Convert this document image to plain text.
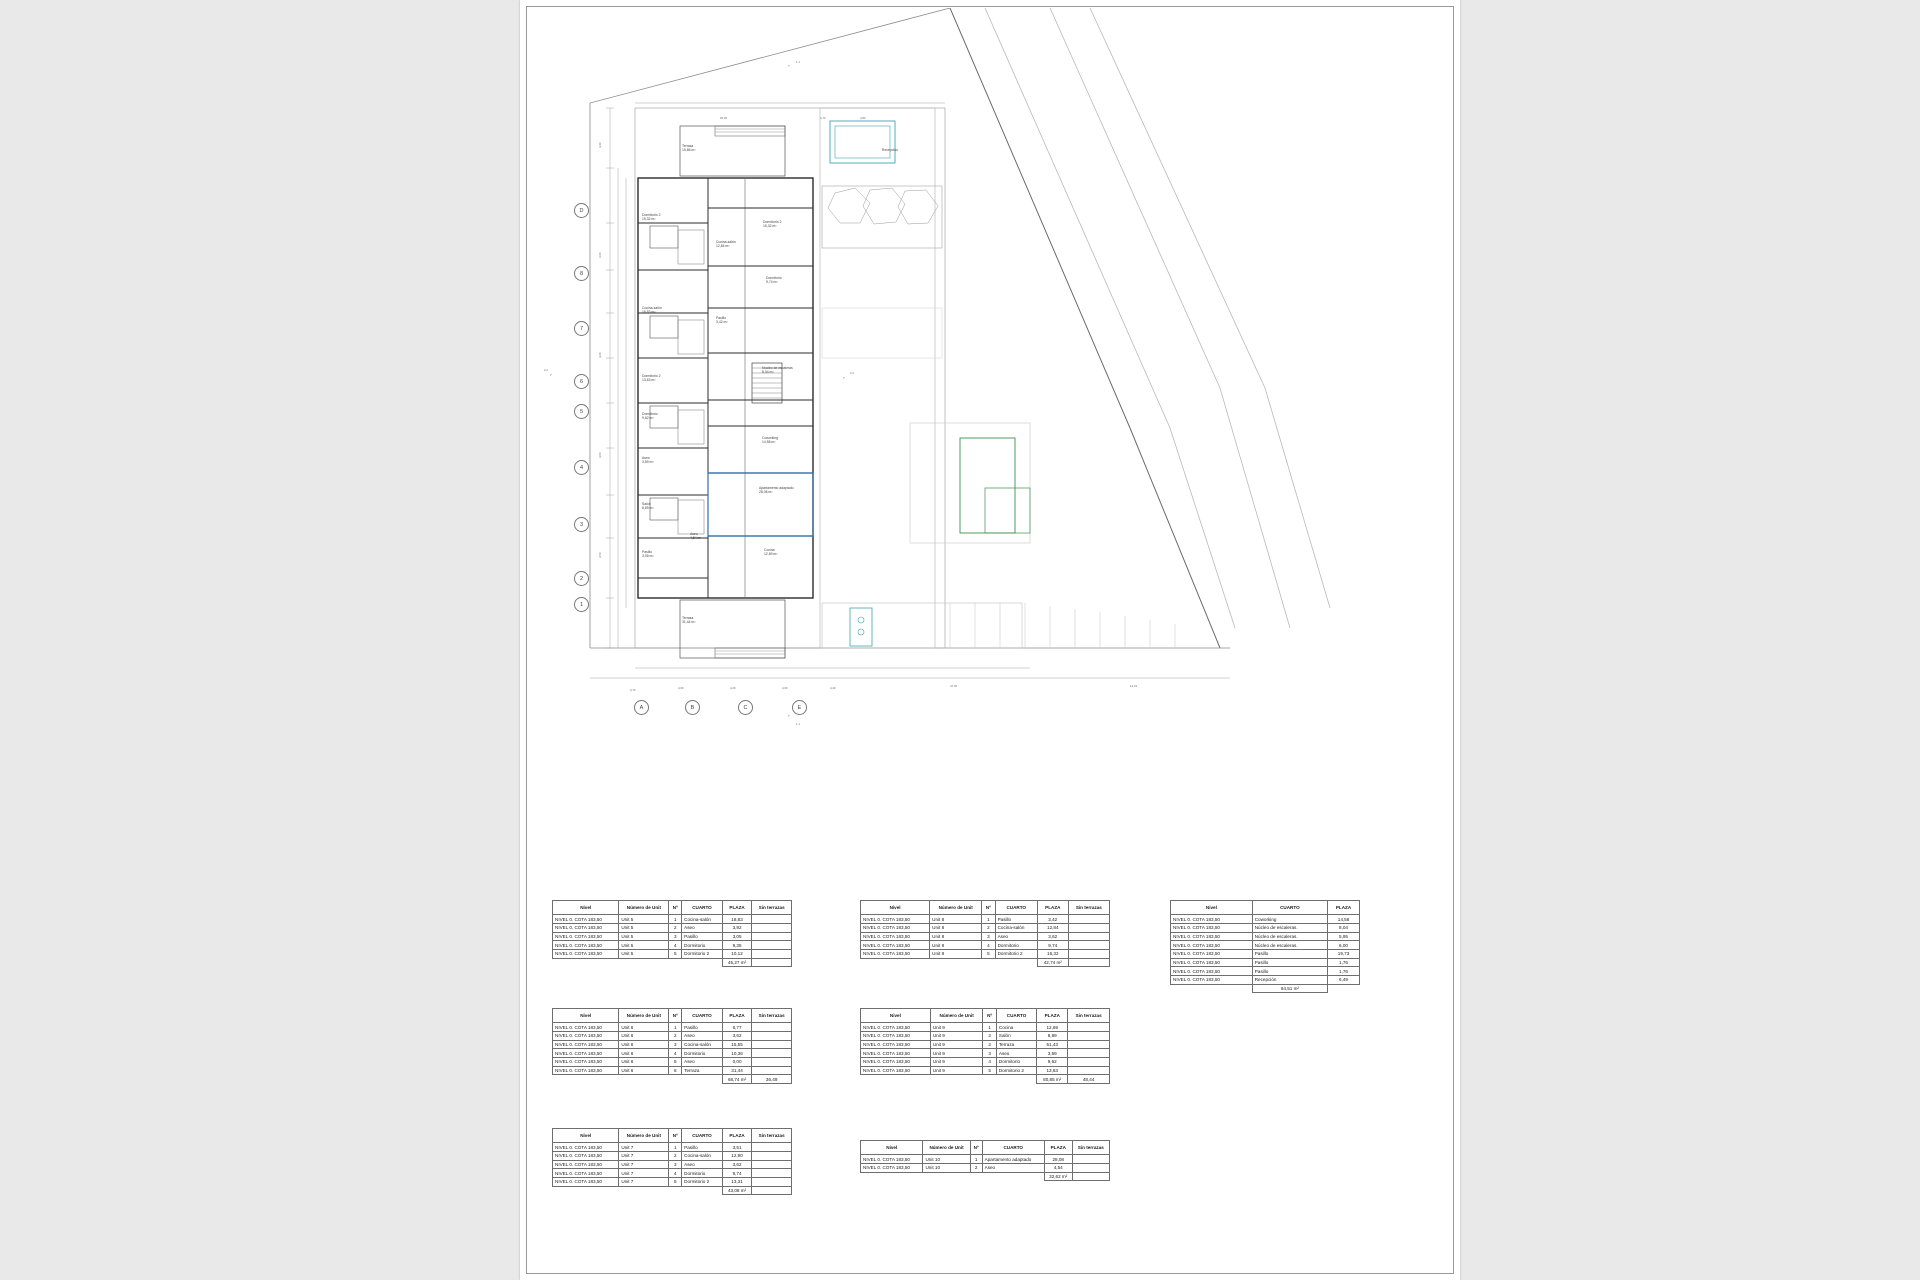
D
8
7
6
5
4
3
2
1
A	B	C	E
⌐
1.1
⌐
2.2
⌐
2.2
⌐
1.1
Terraza
15,86 m²
Dormitorio 2
15,32 m²
Dormitorio 2
15,32 m²
Cocina-salón
12,84 m²
Dormitorio
9,74 m²
Cocina-salón
18,83 m²
Pasillo
3,42 m²
Núcleo de escaleras
8,04 m²
Dormitorio 2
13,63 m²
Dormitorio
9,62 m²
Coworking
14,58 m²
Aseo
3,59 m²
Apartamento adaptado
28,08 m²
Salón
8,89 m²
Aseo
4,54 m²
Cocina
12,69 m²
Pasillo
3,05 m²
Terraza
31,44 m²
Recepción
29,00	4,70	4,80
3,70	4,00	4,20	4,00	4,40	47,00	14,43
4,40
3,60
4,20
4,00
3,50
Nivel	Número de Unit	Nº	CUARTO	PLAZA	Sin terrazas
NIVEL 0. COTA 183,50	Unit 5	1	Cocina-salón	18,83	
NIVEL 0. COTA 183,50	Unit 5	2	Aseo	3,92	
NIVEL 0. COTA 183,50	Unit 5	3	Pasillo	3,05	
NIVEL 0. COTA 183,50	Unit 5	4	Dormitorio	9,35	
NIVEL 0. COTA 183,50	Unit 5	5	Dormitorio 2	10,12	
				45,27 m²	
Nivel	Número de Unit	Nº	CUARTO	PLAZA	Sin terrazas
NIVEL 0. COTA 183,50	Unit 6	1	Pasillo	6,77	
NIVEL 0. COTA 183,50	Unit 6	2	Aseo	3,62	
NIVEL 0. COTA 183,50	Unit 6	3	Cocina-salón	15,55	
NIVEL 0. COTA 183,50	Unit 6	4	Dormitorio	10,36	
NIVEL 0. COTA 183,50	Unit 6	5	Aseo	0,00	
NIVEL 0. COTA 183,50	Unit 6	6	Terraza	31,44	
				68,74 m²	36,49
Nivel	Número de Unit	Nº	CUARTO	PLAZA	Sin terrazas
NIVEL 0. COTA 183,50	Unit 7	1	Pasillo	3,51	
NIVEL 0. COTA 183,50	Unit 7	2	Cocina-salón	12,90	
NIVEL 0. COTA 183,50	Unit 7	3	Aseo	3,62	
NIVEL 0. COTA 183,50	Unit 7	4	Dormitorio	9,74	
NIVEL 0. COTA 183,50	Unit 7	5	Dormitorio 2	13,31	
				43,08 m²	
Nivel	Número de Unit	Nº	CUARTO	PLAZA	Sin terrazas
NIVEL 0. COTA 183,50	Unit 8	1	Pasillo	3,42	
NIVEL 0. COTA 183,50	Unit 8	2	Cocina-salón	12,84	
NIVEL 0. COTA 183,50	Unit 8	3	Aseo	3,62	
NIVEL 0. COTA 183,50	Unit 8	4	Dormitorio	9,74	
NIVEL 0. COTA 183,50	Unit 8	5	Dormitorio 2	15,32	
				42,74 m²	
Nivel	Número de Unit	Nº	CUARTO	PLAZA	Sin terrazas
NIVEL 0. COTA 183,50	Unit 9	1	Cocina	12,69	
NIVEL 0. COTA 183,50	Unit 9	2	Salón	8,89	
NIVEL 0. COTA 183,50	Unit 9	2	Terraza	51,43	
NIVEL 0. COTA 183,50	Unit 9	3	Aseo	3,59	
NIVEL 0. COTA 183,50	Unit 9	4	Dormitorio	9,62	
NIVEL 0. COTA 183,50	Unit 9	5	Dormitorio 2	13,63	
				80,85 m²	48,44
Nivel	Número de Unit	Nº	CUARTO	PLAZA	Sin terrazas
NIVEL 0. COTA 183,50	Unit 10	1	Apartamento adaptado	28,08	
NIVEL 0. COTA 183,50	Unit 10	2	Aseo	4,54	
				32,62 m²	
Nivel	CUARTO	PLAZA
NIVEL 0. COTA 183,50	Coworking	14,58
NIVEL 0. COTA 183,50	Núcleo de escaleras.	8,04
NIVEL 0. COTA 183,50	Núcleo de escaleras.	5,95
NIVEL 0. COTA 183,50	Núcleo de escaleras.	6,00
NIVEL 0. COTA 183,50	Pasillo	19,73
NIVEL 0. COTA 183,50	Pasillo	1,76
NIVEL 0. COTA 183,50	Pasillo	1,76
NIVEL 0. COTA 183,50	Recepción	6,49
	64,51 m²	
